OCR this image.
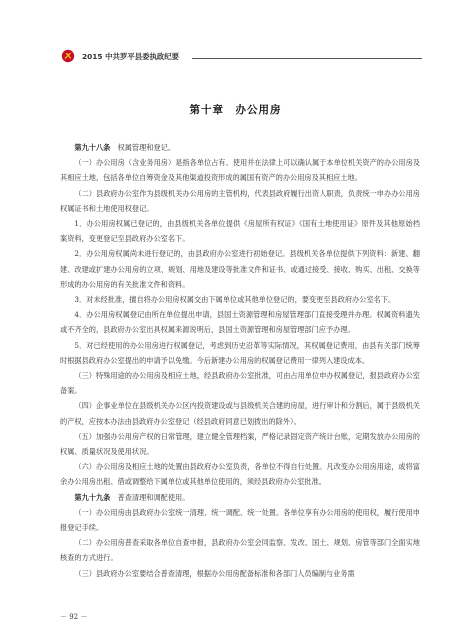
2015 中共罗平县委执政纪要
第十章　办公用房

第九十八条　 权属管理和登记。

（一）办公用房（含业务用房）是指各单位占有、使用并在法律上可以确认属于本单位机关资产的办公用房及其相应土地，包括各单位自筹资金及其他渠道投资形成的属国有资产的办公用房及其相应土地。

（二）县政府办公室作为县级机关办公用房的主管机构，代表县政府履行出资人职责，负责统一申办办公用房权属证书和土地使用权登记。

1．办公用房权属已登记的，由县级机关各单位提供《房屋所有权证》《国有土地使用证》原件及其他原始档案资料，变更登记至县政府办公室名下。

2．办公用房权属尚未进行登记的，由县政府办公室进行初始登记。县级机关各单位提供下列资料：新建、翻建、改建或扩建办公用房的立项、规划、用地及建设等批准文件和证书、或通过接受、接收、购买、出租、交换等形成的办公用房的有关批准文件和资料。

3．对未经批准，擅自将办公用房权属交由下属单位或其他单位登记的，要变更至县政府办公室名下。

4．办公用房权属登记由所在单位提出申请，县国土资源管理和房屋管理部门直接受理并办理。权属资料遗失或不齐全的，县政府办公室出具权属来源说明后，县国土资源管理和房屋管理部门应予办理。

5．对已经使用的办公用房进行权属登记，考虑到历史沿革等实际情况，其权属登记费用，由县有关部门统筹时根据县政府办公室提出的申请予以免缴。今后新建办公用房的权属登记费用一律列入建设成本。

（三）特殊用途的办公用房及相应土地，经县政府办公室批准，可由占用单位申办权属登记，报县政府办公室备案。

（四）企事业单位在县级机关办公区内投资建设或与县级机关合建的房屋，进行审计和分割后，属于县级机关的产权，应按本办法由县政府办公室登记（经县政府同意已划拨出的除外）。

（五）加强办公用房产权的日常管理，建立健全管理档案，严格记录固定资产统计台账，定期发放办公用房的权属、质量状况及使用状况。

（六）办公用房及相应土地的处置由县政府办公室负责，各单位不得自行处置。凡改变办公用房用途，或将富余办公用房出租、借或调整给下属单位或其他单位使用的，须经县政府办公室批准。

第九十九条　 普查清理和调配使用。

（一）办公用房由县政府办公室统一清理、统一调配、统一处置。各单位享有办公用房的使用权，履行使用申报登记手续。

（二）办公用房普查采取各单位自查申报，县政府办公室会同监察、发改、国土、规划、房管等部门全面实地核查的方式进行。

（三）县政府办公室要结合普查清理，根据办公用房配备标准和各部门人员编制与业务需

－ 92 －
